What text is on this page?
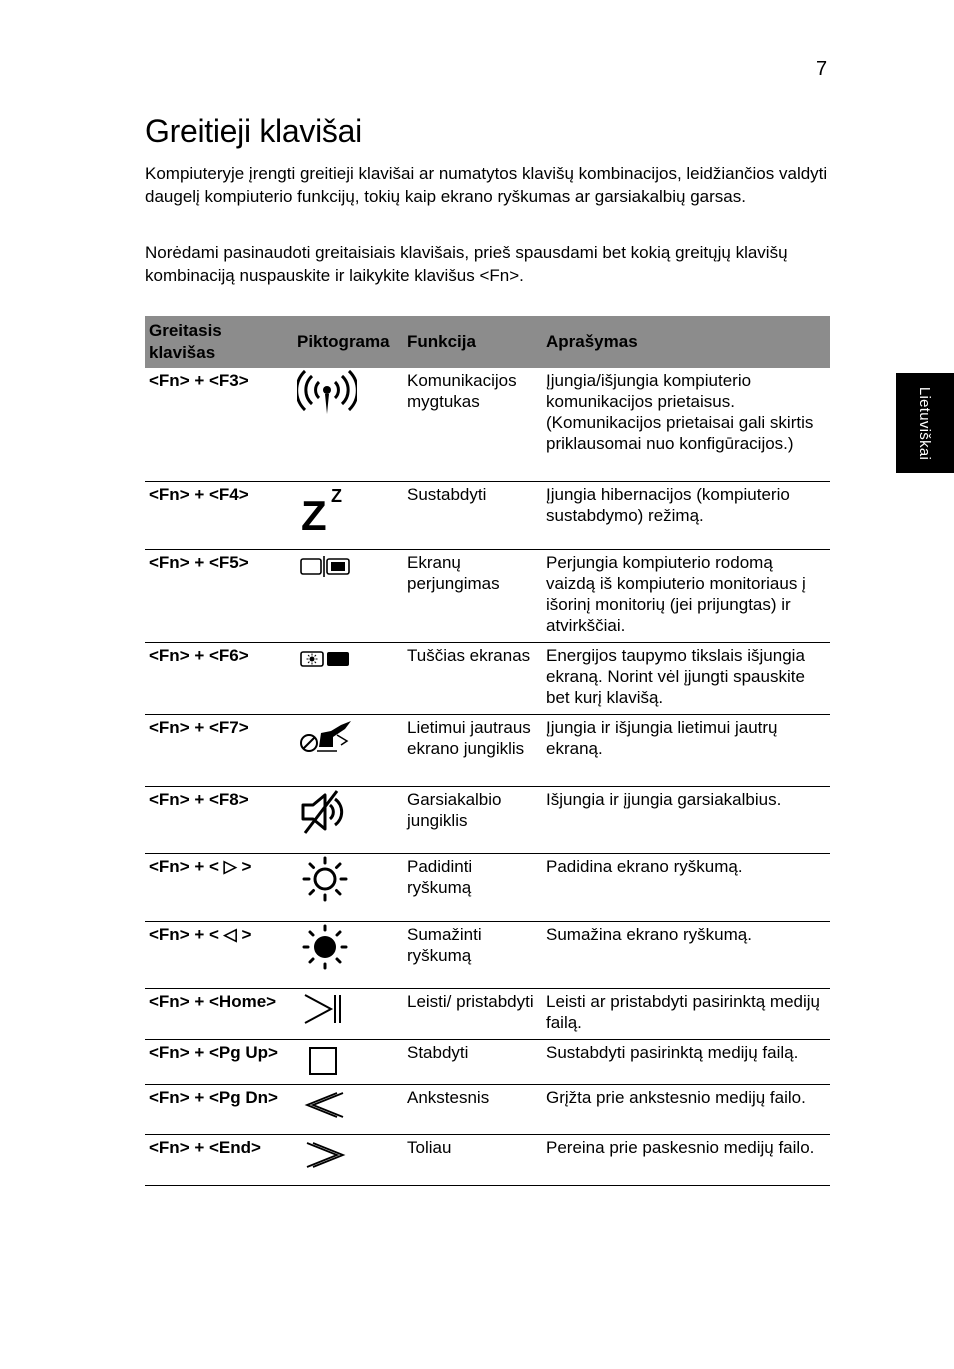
7
Lietuviškai
Greitieji klavišai

Kompiuteryje įrengti greitieji klavišai ar numatytos klavišų kombinacijos, leidžiančios valdyti daugelį kompiuterio funkcijų, tokių kaip ekrano ryškumas ar garsiakalbių garsas.

Norėdami pasinaudoti greitaisiais klavišais, prieš spausdami bet kokią greitųjų klavišų kombinaciją nuspauskite ir laikykite klavišus <Fn>.

Greitasis klavišas	Piktograma	Funkcija	Aprašymas
<Fn> + <F3>		Komunikacijos mygtukas	Įjungia/išjungia kompiuterio komunikacijos prietaisus. (Komunikacijos prietaisai gali skirtis priklausomai nuo konfigūracijos.)
<Fn> + <F4>	Z Z	Sustabdyti	Įjungia hibernacijos (kompiuterio sustabdymo) režimą.
<Fn> + <F5>		Ekranų perjungimas	Perjungia kompiuterio rodomą vaizdą iš kompiuterio monitoriaus į išorinį monitorių (jei prijungtas) ir atvirkščiai.
<Fn> + <F6>		Tuščias ekranas	Energijos taupymo tikslais išjungia ekraną. Norint vėl įjungti spauskite bet kurį klavišą.
<Fn> + <F7>		Lietimui jautraus ekrano jungiklis	Įjungia ir išjungia lietimui jautrų ekraną.
<Fn> + <F8>		Garsiakalbio jungiklis	Išjungia ir įjungia garsiakalbius.
<Fn> + < ▷ >		Padidinti ryškumą	Padidina ekrano ryškumą.
<Fn> + < ◁ >		Sumažinti ryškumą	Sumažina ekrano ryškumą.
<Fn> + <Home>		Leisti/ pristabdyti	Leisti ar pristabdyti pasirinktą medijų failą.
<Fn> + <Pg Up>		Stabdyti	Sustabdyti pasirinktą medijų failą.
<Fn> + <Pg Dn>		Ankstesnis	Grįžta prie ankstesnio medijų failo.
<Fn> + <End>		Toliau	Pereina prie paskesnio medijų failo.
